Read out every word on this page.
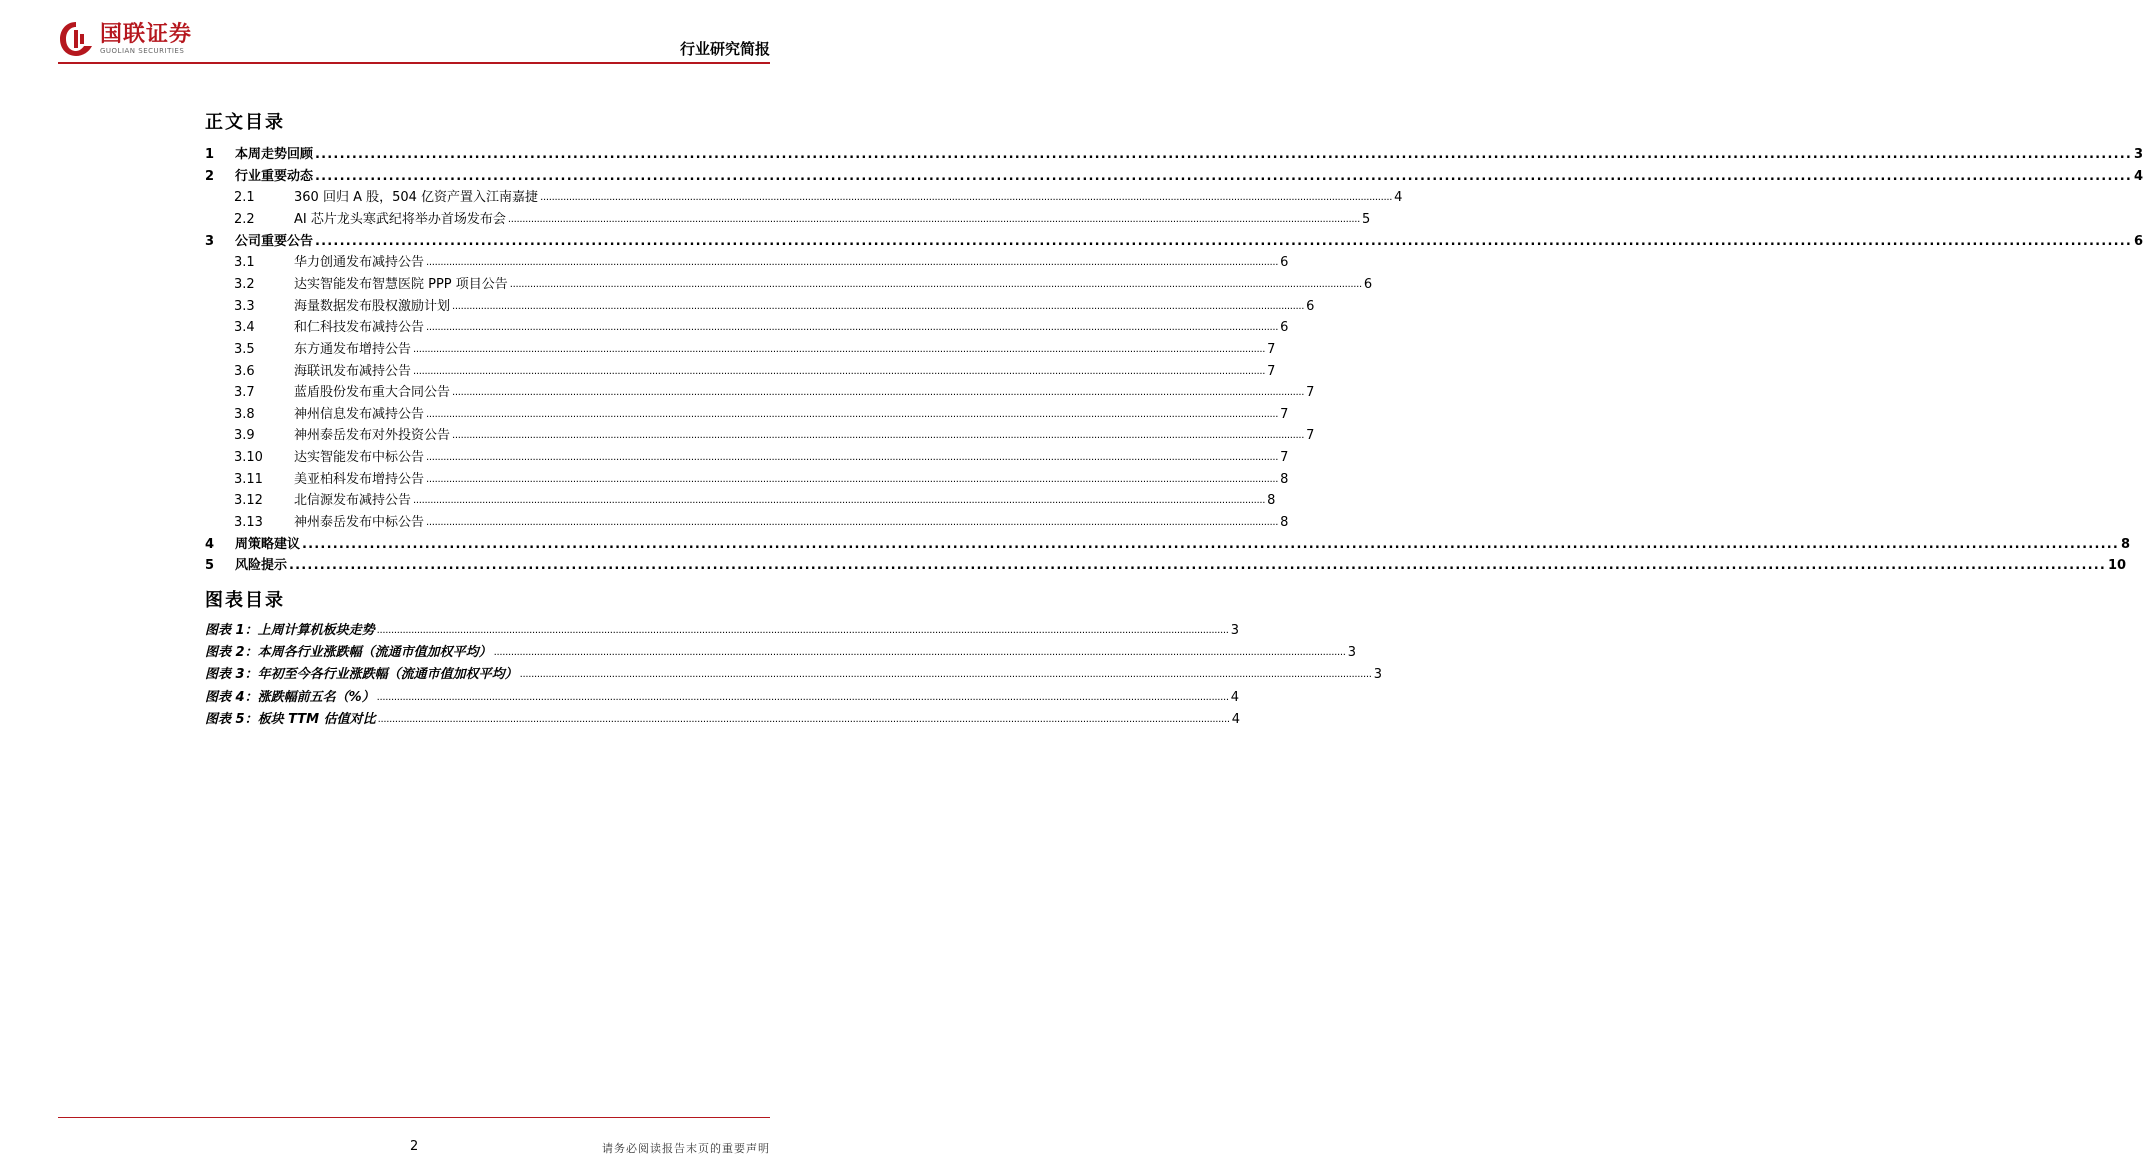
国联证券
GUOLIAN SECURITIES	行业研究简报
正文目录
1	本周走势回顾 ........................................................................................................................................................................................................................................................................................................ 3
2	行业重要动态 ........................................................................................................................................................................................................................................................................................................ 4
2.1	360 回归 A 股，504 亿资产置入江南嘉捷 ........................................................................................................................................................................................................................................................................................................ 4
2.2	AI 芯片龙头寒武纪将举办首场发布会 ........................................................................................................................................................................................................................................................................................................ 5
3	公司重要公告 ........................................................................................................................................................................................................................................................................................................ 6
3.1	华力创通发布减持公告 ........................................................................................................................................................................................................................................................................................................ 6
3.2	达实智能发布智慧医院 PPP 项目公告 ........................................................................................................................................................................................................................................................................................................ 6
3.3	海量数据发布股权激励计划 ........................................................................................................................................................................................................................................................................................................ 6
3.4	和仁科技发布减持公告 ........................................................................................................................................................................................................................................................................................................ 6
3.5	东方通发布增持公告 ........................................................................................................................................................................................................................................................................................................ 7
3.6	海联讯发布减持公告 ........................................................................................................................................................................................................................................................................................................ 7
3.7	蓝盾股份发布重大合同公告 ........................................................................................................................................................................................................................................................................................................ 7
3.8	神州信息发布减持公告 ........................................................................................................................................................................................................................................................................................................ 7
3.9	神州泰岳发布对外投资公告 ........................................................................................................................................................................................................................................................................................................ 7
3.10	达实智能发布中标公告 ........................................................................................................................................................................................................................................................................................................ 7
3.11	美亚柏科发布增持公告 ........................................................................................................................................................................................................................................................................................................ 8
3.12	北信源发布减持公告 ........................................................................................................................................................................................................................................................................................................ 8
3.13	神州泰岳发布中标公告 ........................................................................................................................................................................................................................................................................................................ 8
4	周策略建议 ........................................................................................................................................................................................................................................................................................................ 8
5	风险提示 ........................................................................................................................................................................................................................................................................................................ 10
图表目录
图表 1：上周计算机板块走势 ........................................................................................................................................................................................................................................................................................................ 3
图表 2：本周各行业涨跌幅（流通市值加权平均） ........................................................................................................................................................................................................................................................................................................ 3
图表 3：年初至今各行业涨跌幅（流通市值加权平均） ........................................................................................................................................................................................................................................................................................................ 3
图表 4：涨跌幅前五名（%） ........................................................................................................................................................................................................................................................................................................ 4
图表 5：板块 TTM 估值对比 ........................................................................................................................................................................................................................................................................................................ 4
2	请务必阅读报告末页的重要声明
